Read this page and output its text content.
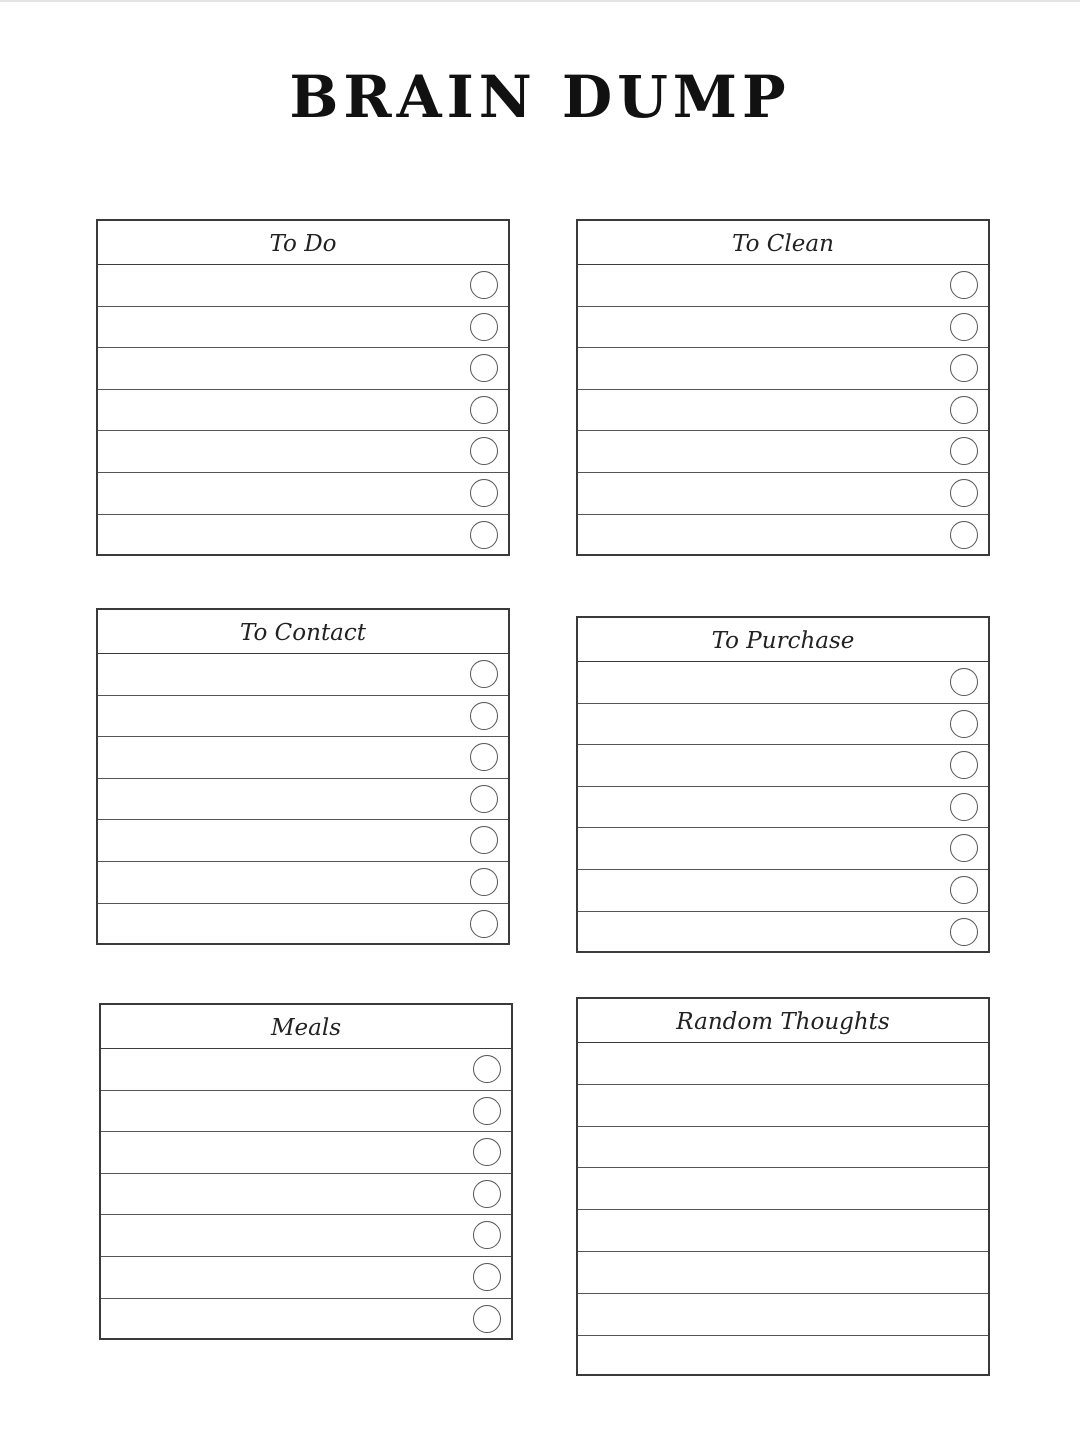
BRAIN DUMP
To Do	To Clean
To Contact	To Purchase
Meals	Random Thoughts
